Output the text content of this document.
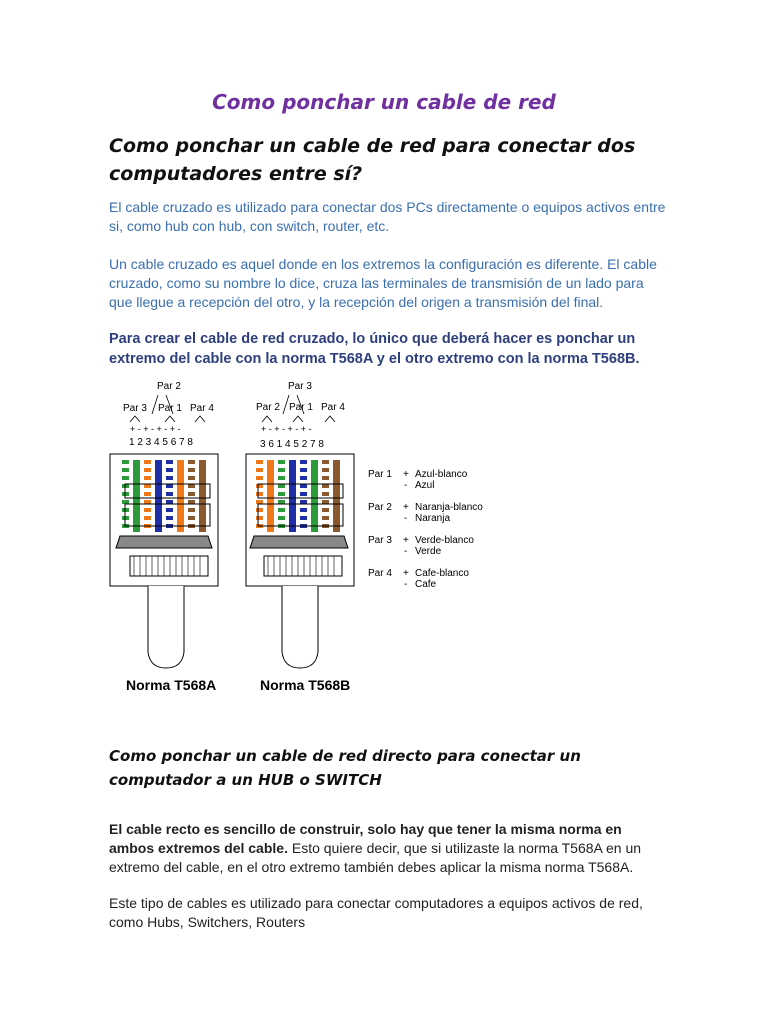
Como ponchar un cable de red
Como ponchar un cable de red para conectar dos computadores entre sí?

El cable cruzado es utilizado para conectar dos PCs directamente o equipos activos entre si, como hub con hub, con switch, router, etc.

Un cable cruzado es aquel donde en los extremos la configuración es diferente. El cable cruzado, como su nombre lo dice, cruza las terminales de transmisión de un lado para que llegue a recepción del otro, y la recepción del origen a transmisión del final.

Para crear el cable de red cruzado, lo único que deberá hacer es ponchar un extremo del cable con la norma T568A y el otro extremo con la norma T568B.

Par 2
Par 3 Par 1 Par 4
+ - + - + - + -
1 2 3 4 5 6 7 8
Norma T568A
Par 3
Par 2 Par 1 Par 4
+ - + - + - + -
3 6 1 4 5 2 7 8
Norma T568B
Par 1 + Azul-blanco
- Azul
Par 2 + Naranja-blanco
- Naranja
Par 3 + Verde-blanco
- Verde
Par 4 + Cafe-blanco
- Cafe
Como ponchar un cable de red directo para conectar un computador a un HUB o SWITCH

El cable recto es sencillo de construir, solo hay que tener la misma norma en ambos extremos del cable. Esto quiere decir, que si utilizaste la norma T568A en un extremo del cable, en el otro extremo también debes aplicar la misma norma T568A.

Este tipo de cables es utilizado para conectar computadores a equipos activos de red, como Hubs, Switchers, Routers
